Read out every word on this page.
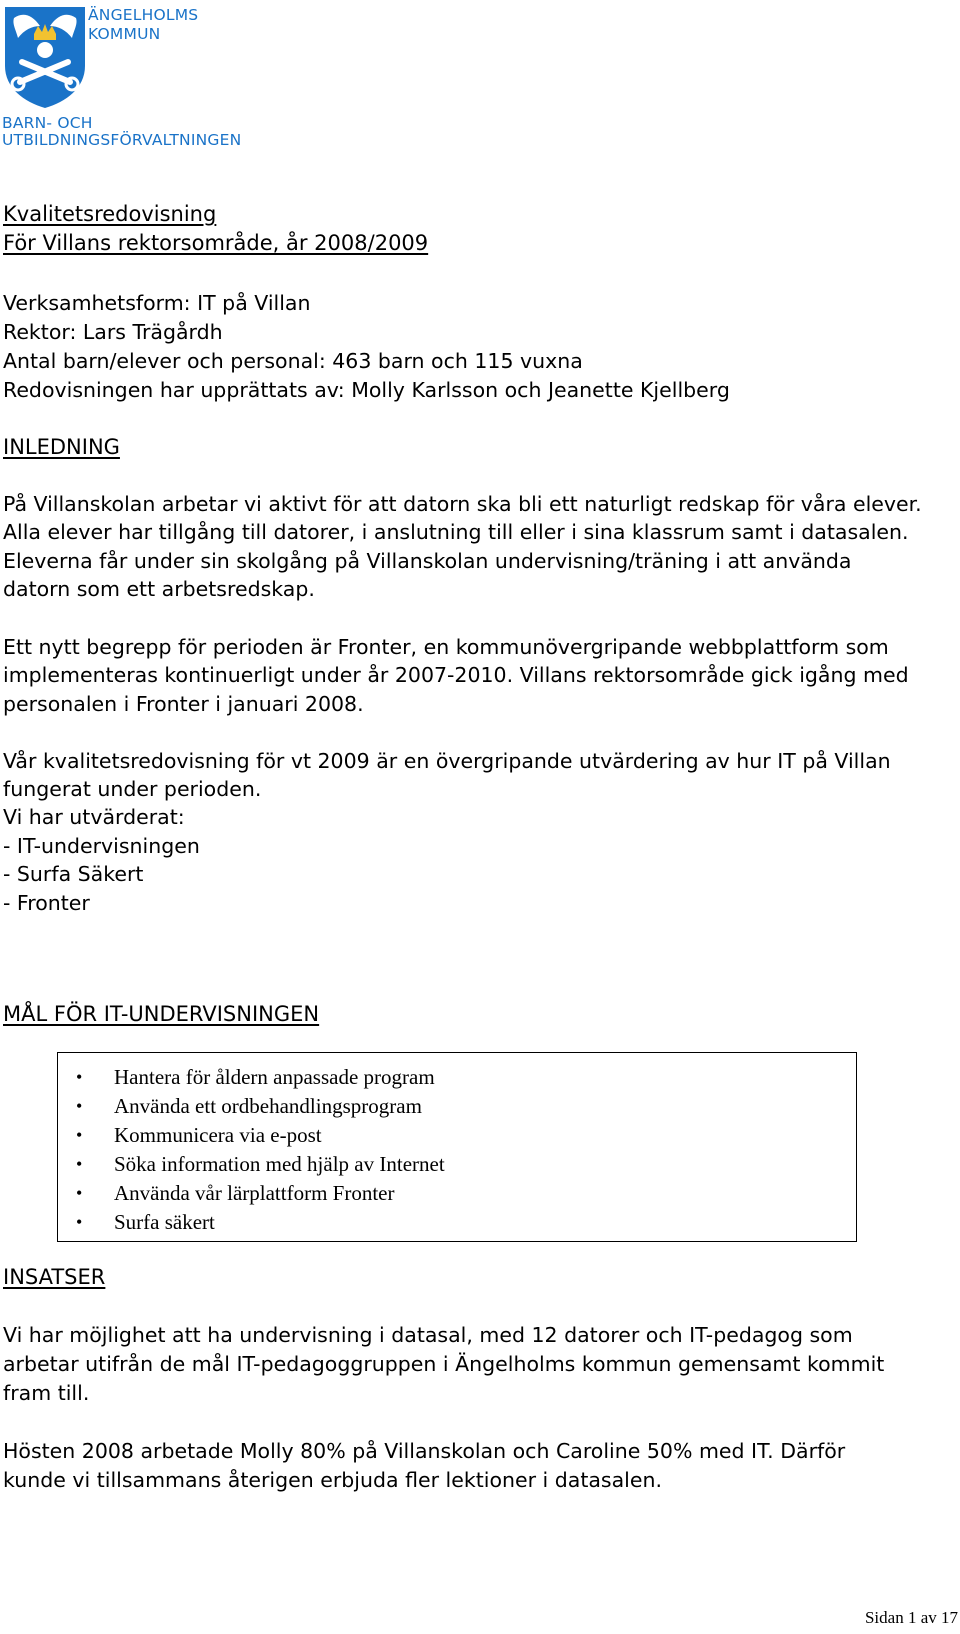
ÄNGELHOLMS
KOMMUN
BARN- OCH
UTBILDNINGSFÖRVALTNINGEN
Kvalitetsredovisning
För Villans rektorsområde, år 2008/2009
Verksamhetsform: IT på Villan
Rektor: Lars Trägårdh
Antal barn/elever och personal: 463 barn och 115 vuxna
Redovisningen har upprättats av: Molly Karlsson och Jeanette Kjellberg
INLEDNING
På Villanskolan arbetar vi aktivt för att datorn ska bli ett naturligt redskap för våra elever.
Alla elever har tillgång till datorer, i anslutning till eller i sina klassrum samt i datasalen.
Eleverna får under sin skolgång på Villanskolan undervisning/träning i att använda
datorn som ett arbetsredskap.
Ett nytt begrepp för perioden är Fronter, en kommunövergripande webbplattform som
implementeras kontinuerligt under år 2007-2010. Villans rektorsområde gick igång med
personalen i Fronter i januari 2008.
Vår kvalitetsredovisning för vt 2009 är en övergripande utvärdering av hur IT på Villan
fungerat under perioden.
Vi har utvärderat:
- IT-undervisningen
- Surfa Säkert
- Fronter
MÅL FÖR IT-UNDERVISNINGEN
• Hantera för åldern anpassade program
• Använda ett ordbehandlingsprogram
• Kommunicera via e-post
• Söka information med hjälp av Internet
• Använda vår lärplattform Fronter
• Surfa säkert
INSATSER
Vi har möjlighet att ha undervisning i datasal, med 12 datorer och IT-pedagog som
arbetar utifrån de mål IT-pedagoggruppen i Ängelholms kommun gemensamt kommit
fram till.
Hösten 2008 arbetade Molly 80% på Villanskolan och Caroline 50% med IT. Därför
kunde vi tillsammans återigen erbjuda fler lektioner i datasalen.
Sidan 1 av 17
